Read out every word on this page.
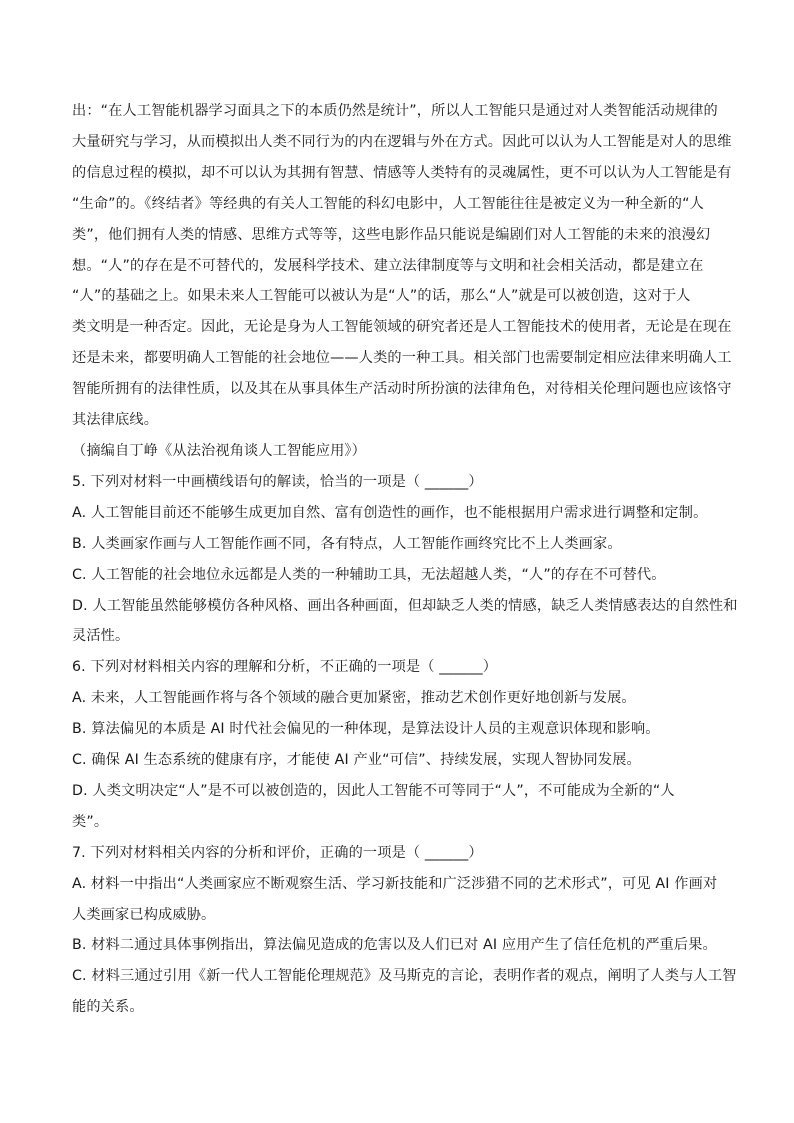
出：“在人工智能机器学习面具之下的本质仍然是统计”，所以人工智能只是通过对人类智能活动规律的
大量研究与学习，从而模拟出人类不同行为的内在逻辑与外在方式。因此可以认为人工智能是对人的思维
的信息过程的模拟，却不可以认为其拥有智慧、情感等人类特有的灵魂属性，更不可以认为人工智能是有
“生命”的。《终结者》等经典的有关人工智能的科幻电影中，人工智能往往是被定义为一种全新的“人
类”，他们拥有人类的情感、思维方式等等，这些电影作品只能说是编剧们对人工智能的未来的浪漫幻
想。“人”的存在是不可替代的，发展科学技术、建立法律制度等与文明和社会相关活动，都是建立在
“人”的基础之上。如果未来人工智能可以被认为是“人”的话，那么“人”就是可以被创造，这对于人
类文明是一种否定。因此，无论是身为人工智能领域的研究者还是人工智能技术的使用者，无论是在现在
还是未来，都要明确人工智能的社会地位——人类的一种工具。相关部门也需要制定相应法律来明确人工
智能所拥有的法律性质，以及其在从事具体生产活动时所扮演的法律角色，对待相关伦理问题也应该恪守
其法律底线。
（摘编自丁峥《从法治视角谈人工智能应用》）
5. 下列对材料一中画横线语句的解读，恰当的一项是（ ______）
A. 人工智能目前还不能够生成更加自然、富有创造性的画作，也不能根据用户需求进行调整和定制。
B. 人类画家作画与人工智能作画不同，各有特点，人工智能作画终究比不上人类画家。
C. 人工智能的社会地位永远都是人类的一种辅助工具，无法超越人类，“人”的存在不可替代。
D. 人工智能虽然能够模仿各种风格、画出各种画面，但却缺乏人类的情感，缺乏人类情感表达的自然性和
灵活性。
6. 下列对材料相关内容的理解和分析，不正确的一项是（ ______）
A. 未来，人工智能画作将与各个领域的融合更加紧密，推动艺术创作更好地创新与发展。
B. 算法偏见的本质是 AI 时代社会偏见的一种体现，是算法设计人员的主观意识体现和影响。
C. 确保 AI 生态系统的健康有序，才能使 AI 产业“可信”、持续发展，实现人智协同发展。
D. 人类文明决定“人”是不可以被创造的，因此人工智能不可等同于“人”，不可能成为全新的“人
类”。
7. 下列对材料相关内容的分析和评价，正确的一项是（ ______）
A. 材料一中指出“人类画家应不断观察生活、学习新技能和广泛涉猎不同的艺术形式”，可见 AI 作画对
人类画家已构成威胁。
B. 材料二通过具体事例指出，算法偏见造成的危害以及人们已对 AI 应用产生了信任危机的严重后果。
C. 材料三通过引用《新一代人工智能伦理规范》及马斯克的言论，表明作者的观点，阐明了人类与人工智
能的关系。
